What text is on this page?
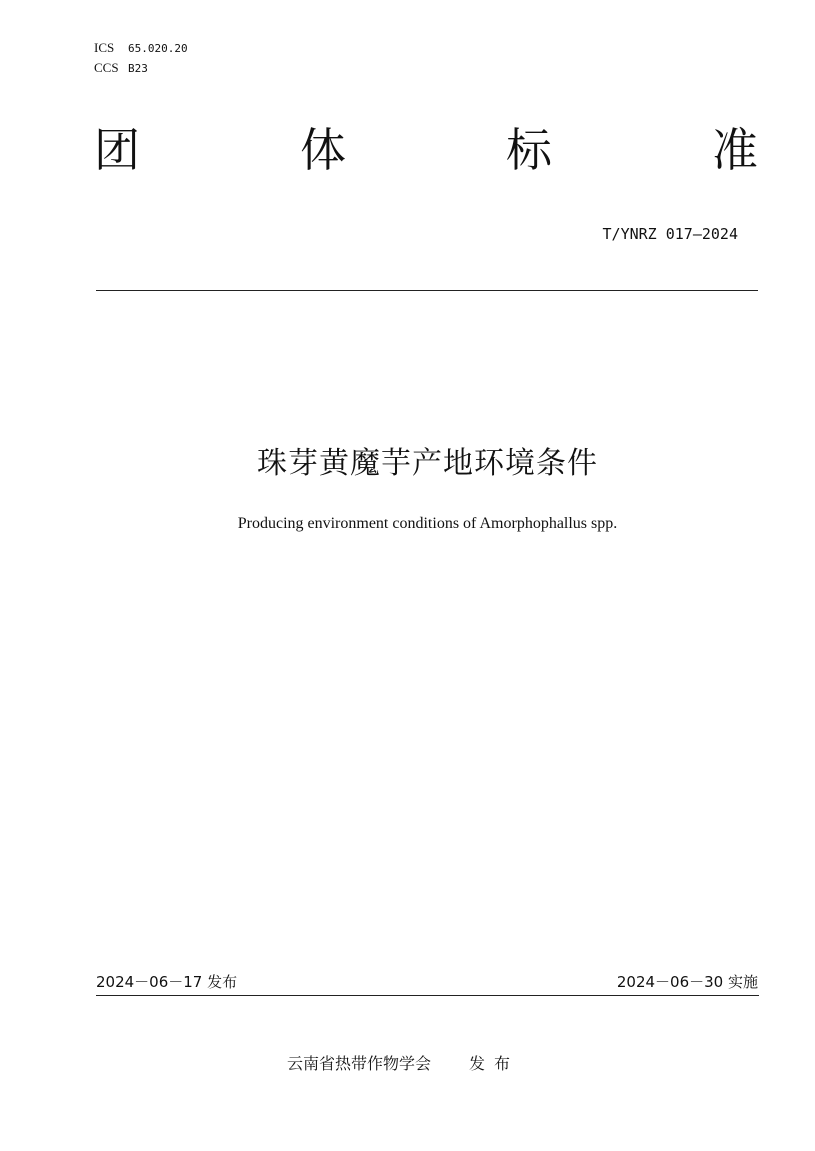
ICS 65.020.20
CCS B23
团	体	标	准
T/YNRZ 017—2024
珠芽黄魔芋产地环境条件
Producing environment conditions of Amorphophallus spp.
2024－06－17 发布	2024－06－30 实施
云南省热带作物学会 发布
